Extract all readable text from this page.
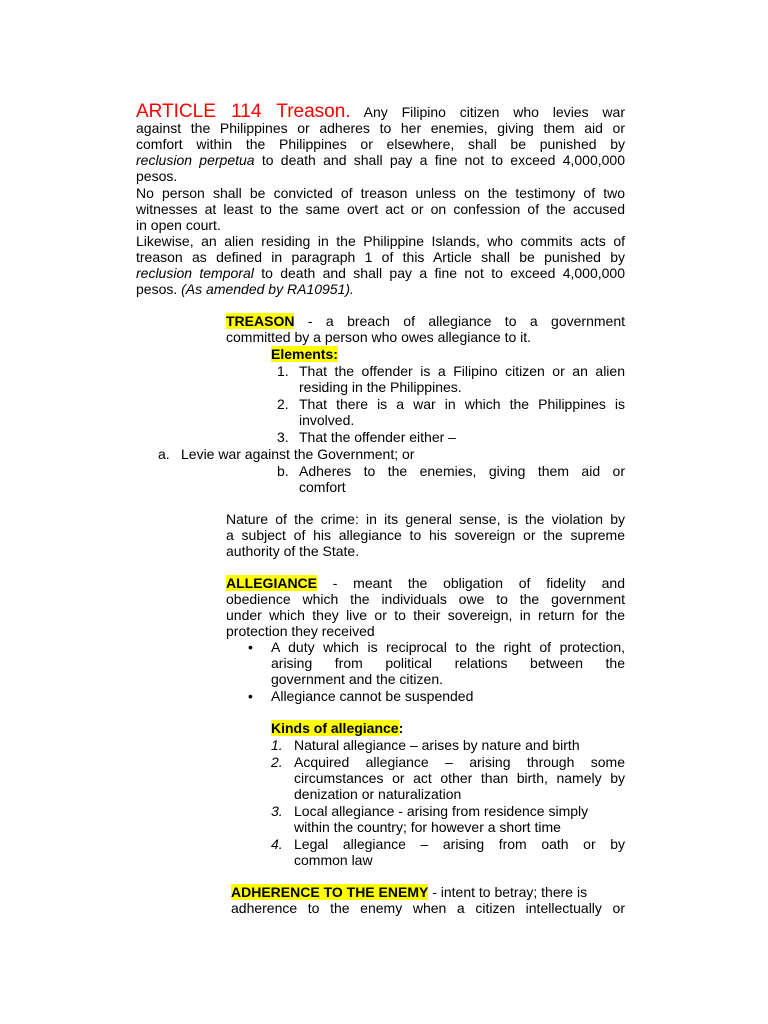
ARTICLE 114 Treason. Any Filipino citizen who levies war
against the Philippines or adheres to her enemies, giving them aid or
comfort within the Philippines or elsewhere, shall be punished by
reclusion perpetua to death and shall pay a fine not to exceed 4,000,000
pesos.
No person shall be convicted of treason unless on the testimony of two
witnesses at least to the same overt act or on confession of the accused
in open court.
Likewise, an alien residing in the Philippine Islands, who commits acts of
treason as defined in paragraph 1 of this Article shall be punished by
reclusion temporal to death and shall pay a fine not to exceed 4,000,000
pesos. (As amended by RA10951).
TREASON - a breach of allegiance to a government
committed by a person who owes allegiance to it.
Elements:
1. That the offender is a Filipino citizen or an alien
residing in the Philippines.
2. That there is a war in which the Philippines is
involved.
3. That the offender either –
a. Levie war against the Government; or
b. Adheres to the enemies, giving them aid or
comfort
Nature of the crime: in its general sense, is the violation by
a subject of his allegiance to his sovereign or the supreme
authority of the State.
ALLEGIANCE - meant the obligation of fidelity and
obedience which the individuals owe to the government
under which they live or to their sovereign, in return for the
protection they received
• A duty which is reciprocal to the right of protection,
arising from political relations between the
government and the citizen.
• Allegiance cannot be suspended
Kinds of allegiance:
1. Natural allegiance – arises by nature and birth
2. Acquired allegiance – arising through some
circumstances or act other than birth, namely by
denization or naturalization
3. Local allegiance - arising from residence simply
within the country; for however a short time
4. Legal allegiance – arising from oath or by
common law
ADHERENCE TO THE ENEMY - intent to betray; there is
adherence to the enemy when a citizen intellectually or
